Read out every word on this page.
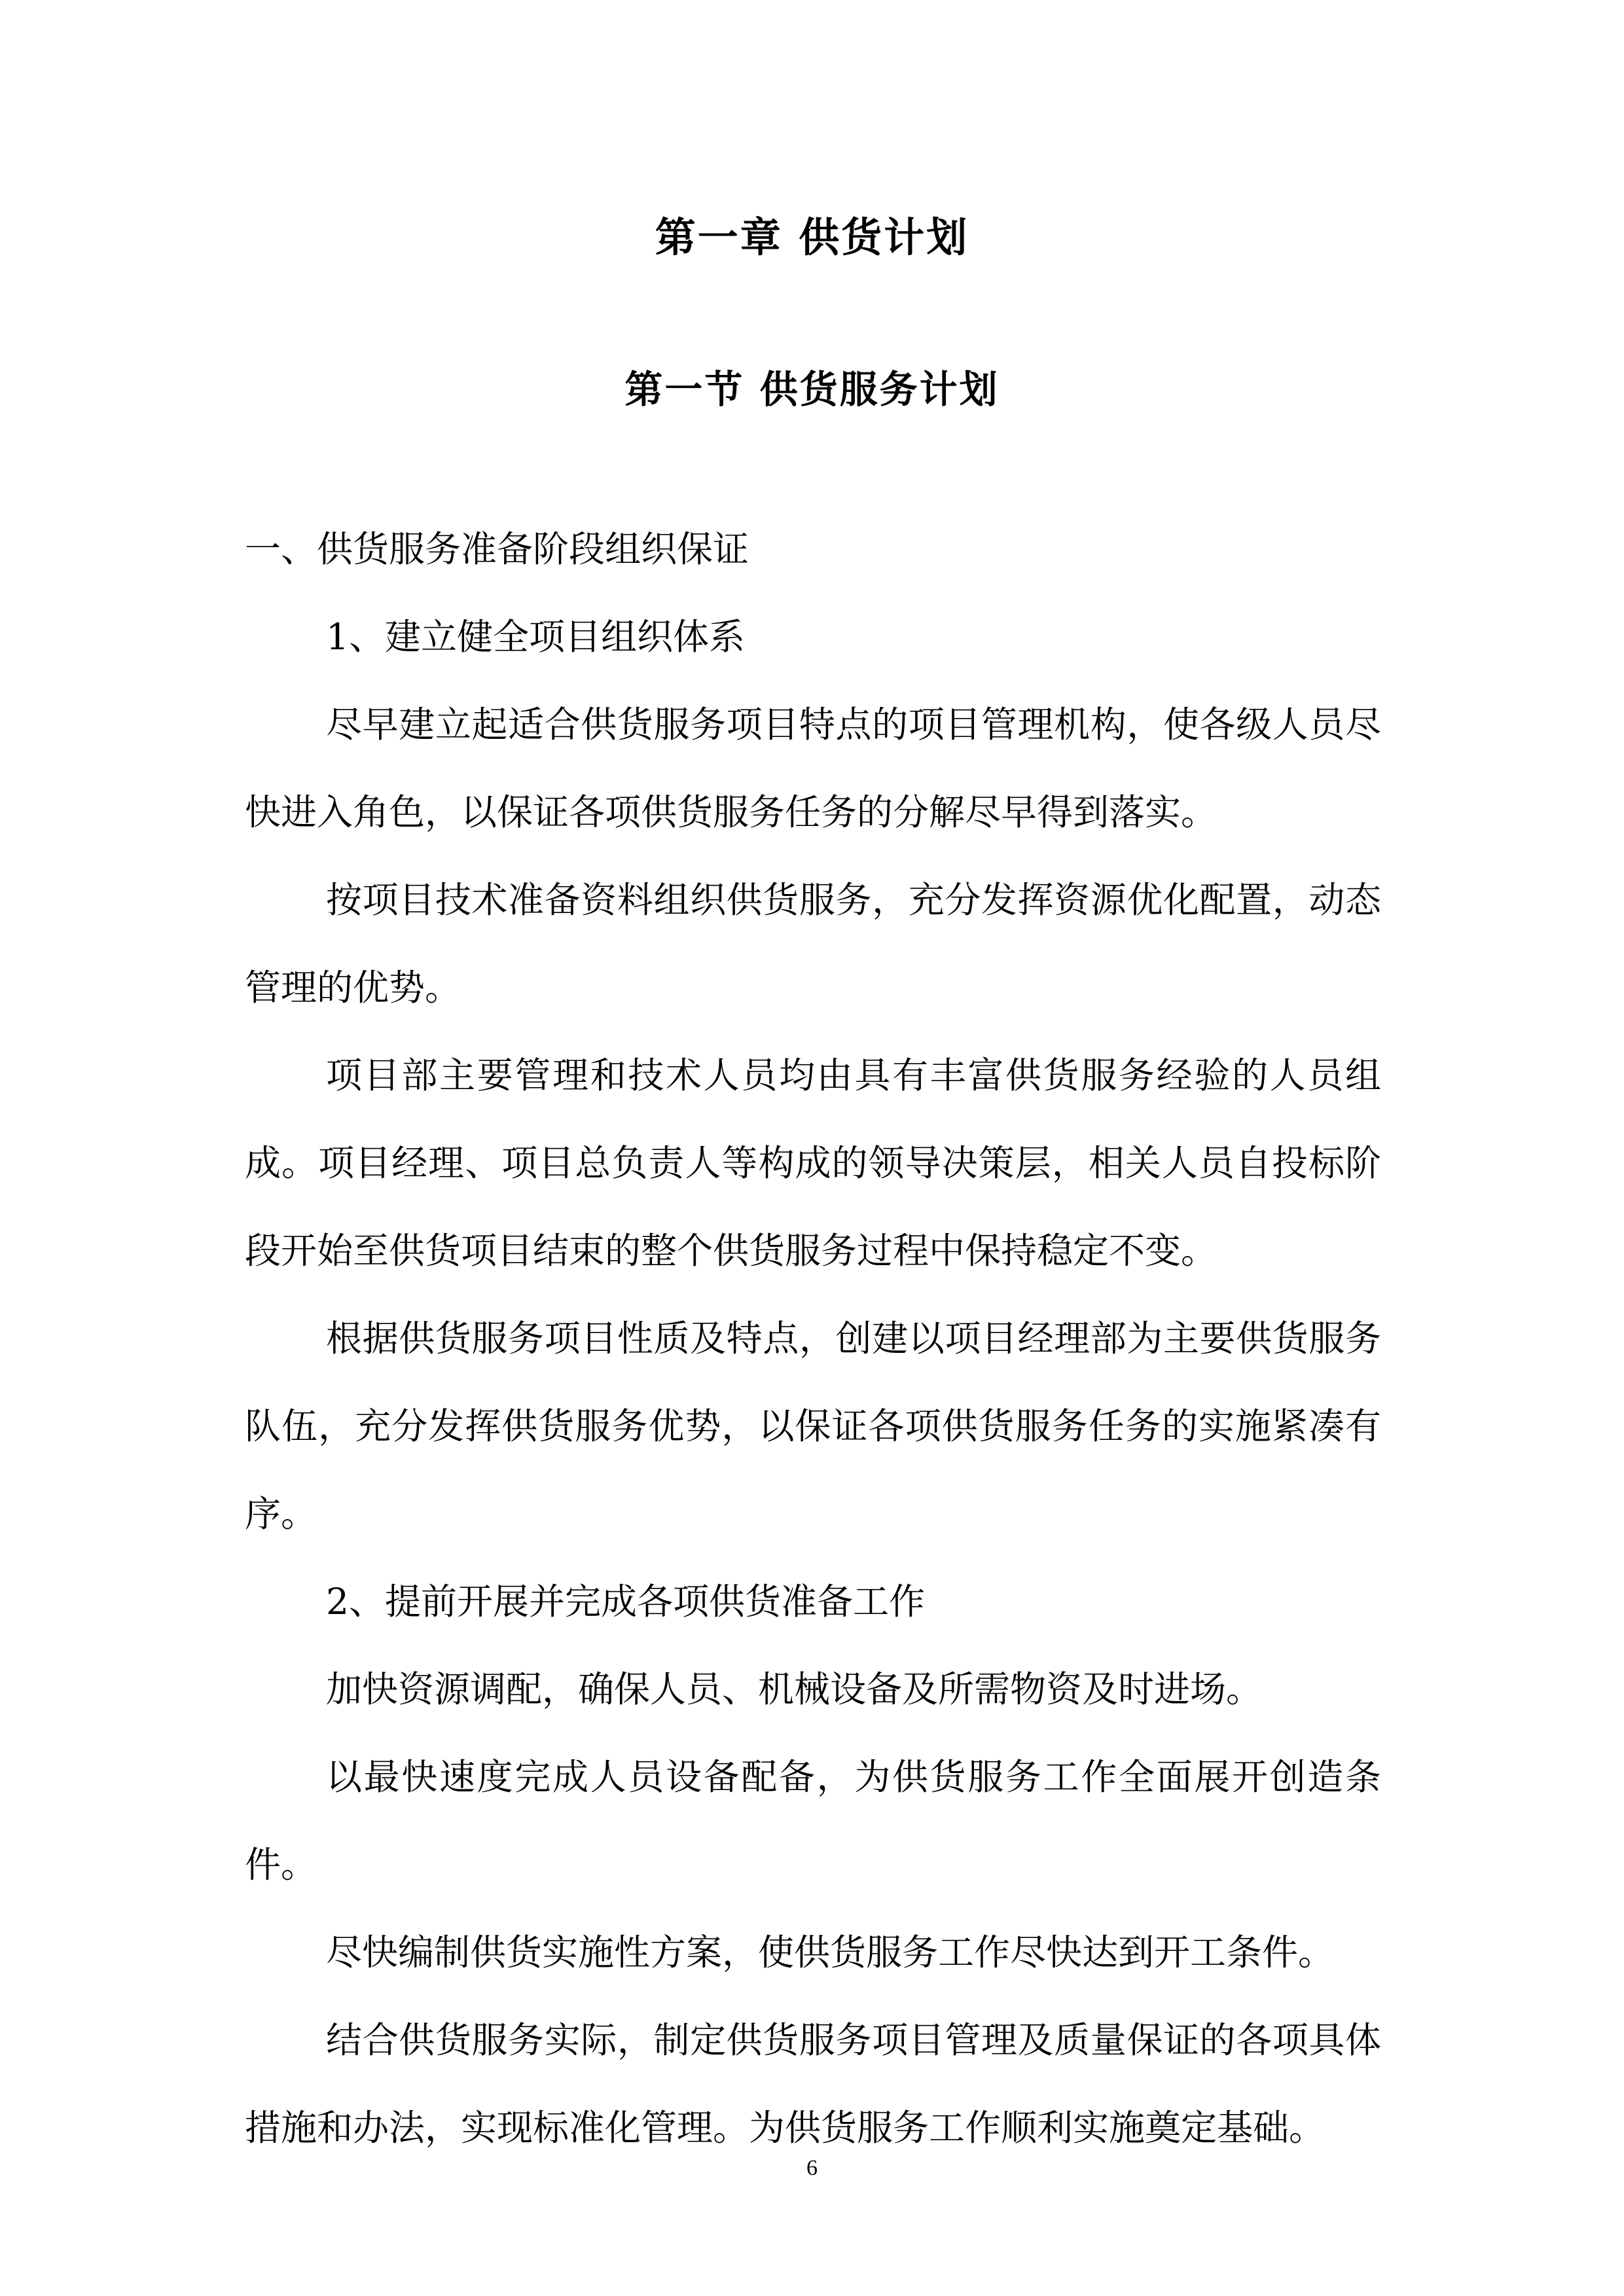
第一章 供货计划
第一节 供货服务计划

一、供货服务准备阶段组织保证

1、建立健全项目组织体系

尽早建立起适合供货服务项目特点的项目管理机构，使各级人员尽快进入角色，以保证各项供货服务任务的分解尽早得到落实。

按项目技术准备资料组织供货服务，充分发挥资源优化配置，动态管理的优势。

项目部主要管理和技术人员均由具有丰富供货服务经验的人员组成。项目经理、项目总负责人等构成的领导决策层，相关人员自投标阶段开始至供货项目结束的整个供货服务过程中保持稳定不变。

根据供货服务项目性质及特点，创建以项目经理部为主要供货服务队伍，充分发挥供货服务优势，以保证各项供货服务任务的实施紧凑有序。

2、提前开展并完成各项供货准备工作

加快资源调配，确保人员、机械设备及所需物资及时进场。

以最快速度完成人员设备配备，为供货服务工作全面展开创造条件。

尽快编制供货实施性方案，使供货服务工作尽快达到开工条件。

结合供货服务实际，制定供货服务项目管理及质量保证的各项具体措施和办法，实现标准化管理。为供货服务工作顺利实施奠定基础。

6
